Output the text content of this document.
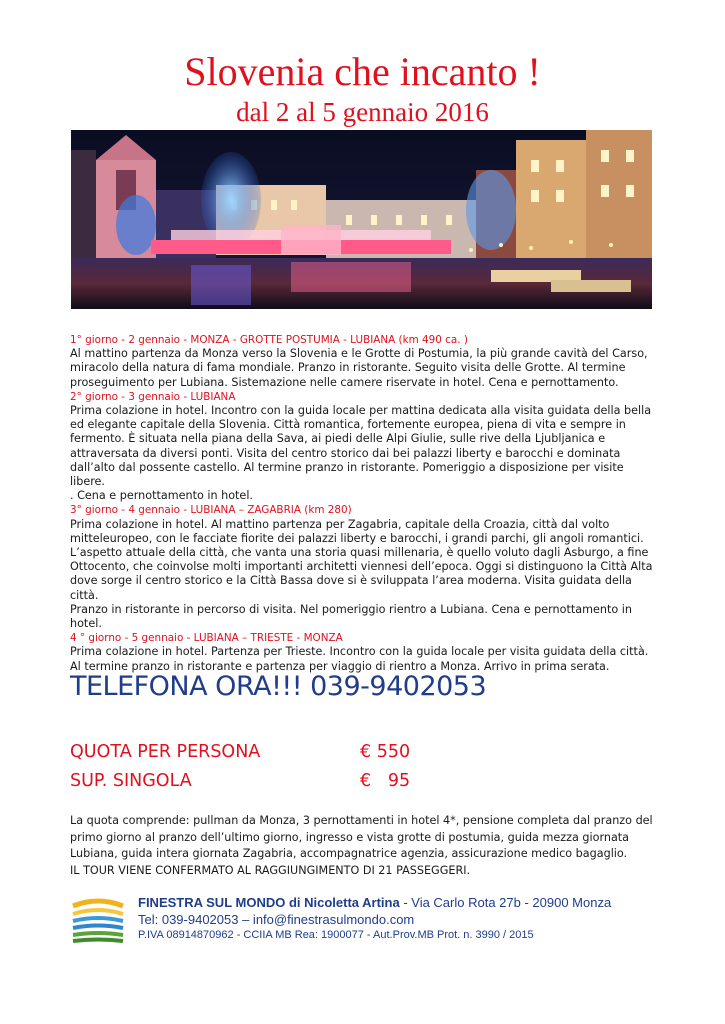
Slovenia che incanto !
dal 2 al 5 gennaio 2016

1° giorno - 2 gennaio - MONZA - GROTTE POSTUMIA - LUBIANA (km 490 ca. )

Al mattino partenza da Monza verso la Slovenia e le Grotte di Postumia, la più grande cavità del Carso,

miracolo della natura di fama mondiale. Pranzo in ristorante. Seguito visita delle Grotte. Al termine

proseguimento per Lubiana. Sistemazione nelle camere riservate in hotel. Cena e pernottamento.

2° giorno - 3 gennaio - LUBIANA

Prima colazione in hotel. Incontro con la guida locale per mattina dedicata alla visita guidata della bella

ed elegante capitale della Slovenia. Città romantica, fortemente europea, piena di vita e sempre in

fermento. È situata nella piana della Sava, ai piedi delle Alpi Giulie, sulle rive della Ljubljanica e

attraversata da diversi ponti. Visita del centro storico dai bei palazzi liberty e barocchi e dominata

dall’alto dal possente castello. Al termine pranzo in ristorante. Pomeriggio a disposizione per visite libere.

. Cena e pernottamento in hotel.

3° giorno - 4 gennaio - LUBIANA – ZAGABRIA (km 280)

Prima colazione in hotel. Al mattino partenza per Zagabria, capitale della Croazia, città dal volto

mitteleuropeo, con le facciate fiorite dei palazzi liberty e barocchi, i grandi parchi, gli angoli romantici.

L’aspetto attuale della città, che vanta una storia quasi millenaria, è quello voluto dagli Asburgo, a fine

Ottocento, che coinvolse molti importanti architetti viennesi dell’epoca. Oggi si distinguono la Città Alta

dove sorge il centro storico e la Città Bassa dove si è sviluppata l’area moderna. Visita guidata della città.

Pranzo in ristorante in percorso di visita. Nel pomeriggio rientro a Lubiana. Cena e pernottamento in

hotel.

4 ° giorno - 5 gennaio - LUBIANA – TRIESTE - MONZA

Prima colazione in hotel. Partenza per Trieste. Incontro con la guida locale per visita guidata della città.

Al termine pranzo in ristorante e partenza per viaggio di rientro a Monza. Arrivo in prima serata.

TELEFONA ORA!!! 039-9402053
QUOTA PER PERSONA	€ 550
SUP. SINGOLA	€   95

La quota comprende: pullman da Monza, 3 pernottamenti in hotel 4*, pensione completa dal pranzo del

primo giorno al pranzo dell’ultimo giorno, ingresso e vista grotte di postumia, guida mezza giornata

Lubiana, guida intera giornata Zagabria, accompagnatrice agenzia, assicurazione medico bagaglio.

IL TOUR VIENE CONFERMATO AL RAGGIUNGIMENTO DI 21 PASSEGGERI.

FINESTRA SUL MONDO di Nicoletta Artina - Via Carlo Rota 27b - 20900 Monza
Tel: 039-9402053 – info@finestrasulmondo.com
P.IVA 08914870962 - CCIIA MB Rea: 1900077 - Aut.Prov.MB Prot. n. 3990 / 2015
